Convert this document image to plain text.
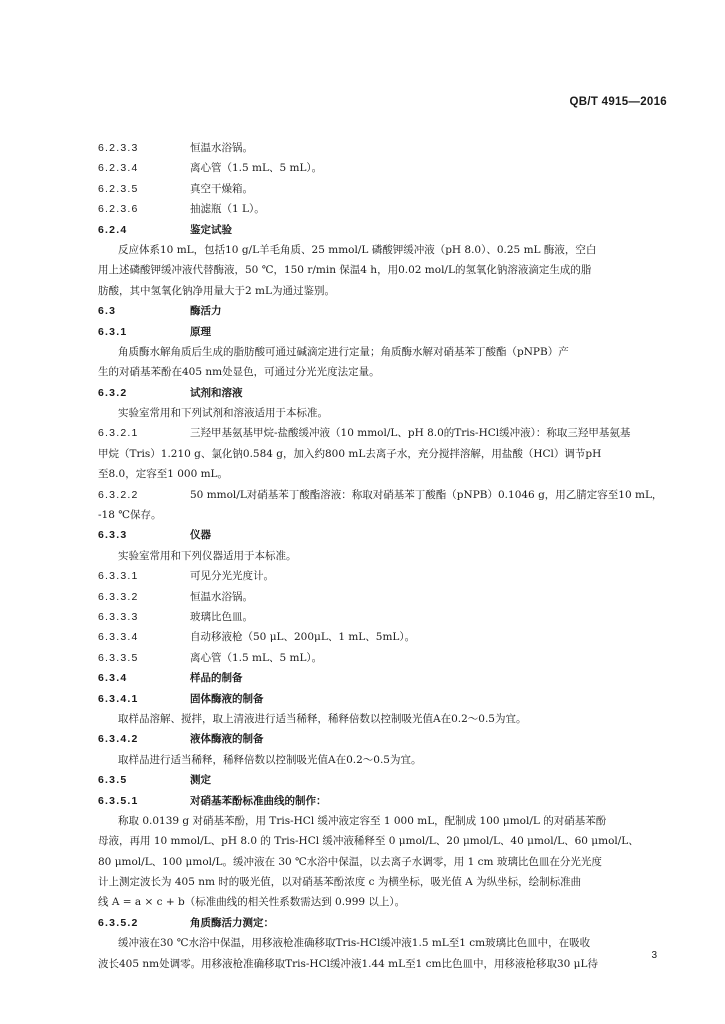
QB/T 4915—2016
6.2.3.3	恒温水浴锅。
6.2.3.4	离心管（1.5 mL、5 mL）。
6.2.3.5	真空干燥箱。
6.2.3.6	抽滤瓶（1 L）。
6.2.4	鉴定试验
反应体系10 mL，包括10 g/L羊毛角质、25 mmol/L 磷酸钾缓冲液（pH 8.0）、0.25 mL 酶液，空白
用上述磷酸钾缓冲液代替酶液，50 ℃，150 r/min 保温4 h，用0.02 mol/L的氢氧化钠溶液滴定生成的脂
肪酸，其中氢氧化钠净用量大于2 mL为通过鉴别。
6.3	酶活力
6.3.1	原理
角质酶水解角质后生成的脂肪酸可通过碱滴定进行定量；角质酶水解对硝基苯丁酸酯（pNPB）产
生的对硝基苯酚在405 nm处显色，可通过分光光度法定量。
6.3.2	试剂和溶液
实验室常用和下列试剂和溶液适用于本标准。
6.3.2.1	三羟甲基氨基甲烷-盐酸缓冲液（10 mmol/L、pH 8.0的Tris-HCl缓冲液）：称取三羟甲基氨基
甲烷（Tris）1.210 g、氯化钠0.584 g，加入约800 mL去离子水，充分搅拌溶解，用盐酸（HCl）调节pH
至8.0，定容至1 000 mL。
6.3.2.2	50 mmol/L对硝基苯丁酸酯溶液：称取对硝基苯丁酸酯（pNPB）0.1046 g，用乙腈定容至10 mL，
-18 ℃保存。
6.3.3	仪器
实验室常用和下列仪器适用于本标准。
6.3.3.1	可见分光光度计。
6.3.3.2	恒温水浴锅。
6.3.3.3	玻璃比色皿。
6.3.3.4	自动移液枪（50 μL、200μL、1 mL、5mL）。
6.3.3.5	离心管（1.5 mL、5 mL）。
6.3.4	样品的制备
6.3.4.1	固体酶液的制备
取样品溶解、搅拌，取上清液进行适当稀释，稀释倍数以控制吸光值A在0.2～0.5为宜。
6.3.4.2	液体酶液的制备
取样品进行适当稀释，稀释倍数以控制吸光值A在0.2～0.5为宜。
6.3.5	测定
6.3.5.1	对硝基苯酚标准曲线的制作：
称取 0.0139 g 对硝基苯酚，用 Tris-HCl 缓冲液定容至 1 000 mL，配制成 100 μmol/L 的对硝基苯酚
母液，再用 10 mmol/L、pH 8.0 的 Tris-HCl 缓冲液稀释至 0 μmol/L、20 μmol/L、40 μmol/L、60 μmol/L、
80 μmol/L、100 μmol/L。缓冲液在 30 ℃水浴中保温，以去离子水调零，用 1 cm 玻璃比色皿在分光光度
计上测定波长为 405 nm 时的吸光值，以对硝基苯酚浓度 c 为横坐标，吸光值 A 为纵坐标，绘制标准曲
线 A = a × c + b（标准曲线的相关性系数需达到 0.999 以上）。
6.3.5.2	角质酶活力测定：
缓冲液在30 ℃水浴中保温，用移液枪准确移取Tris-HCl缓冲液1.5 mL至1 cm玻璃比色皿中，在吸收
波长405 nm处调零。用移液枪准确移取Tris-HCl缓冲液1.44 mL至1 cm比色皿中，用移液枪移取30 μL待
3
